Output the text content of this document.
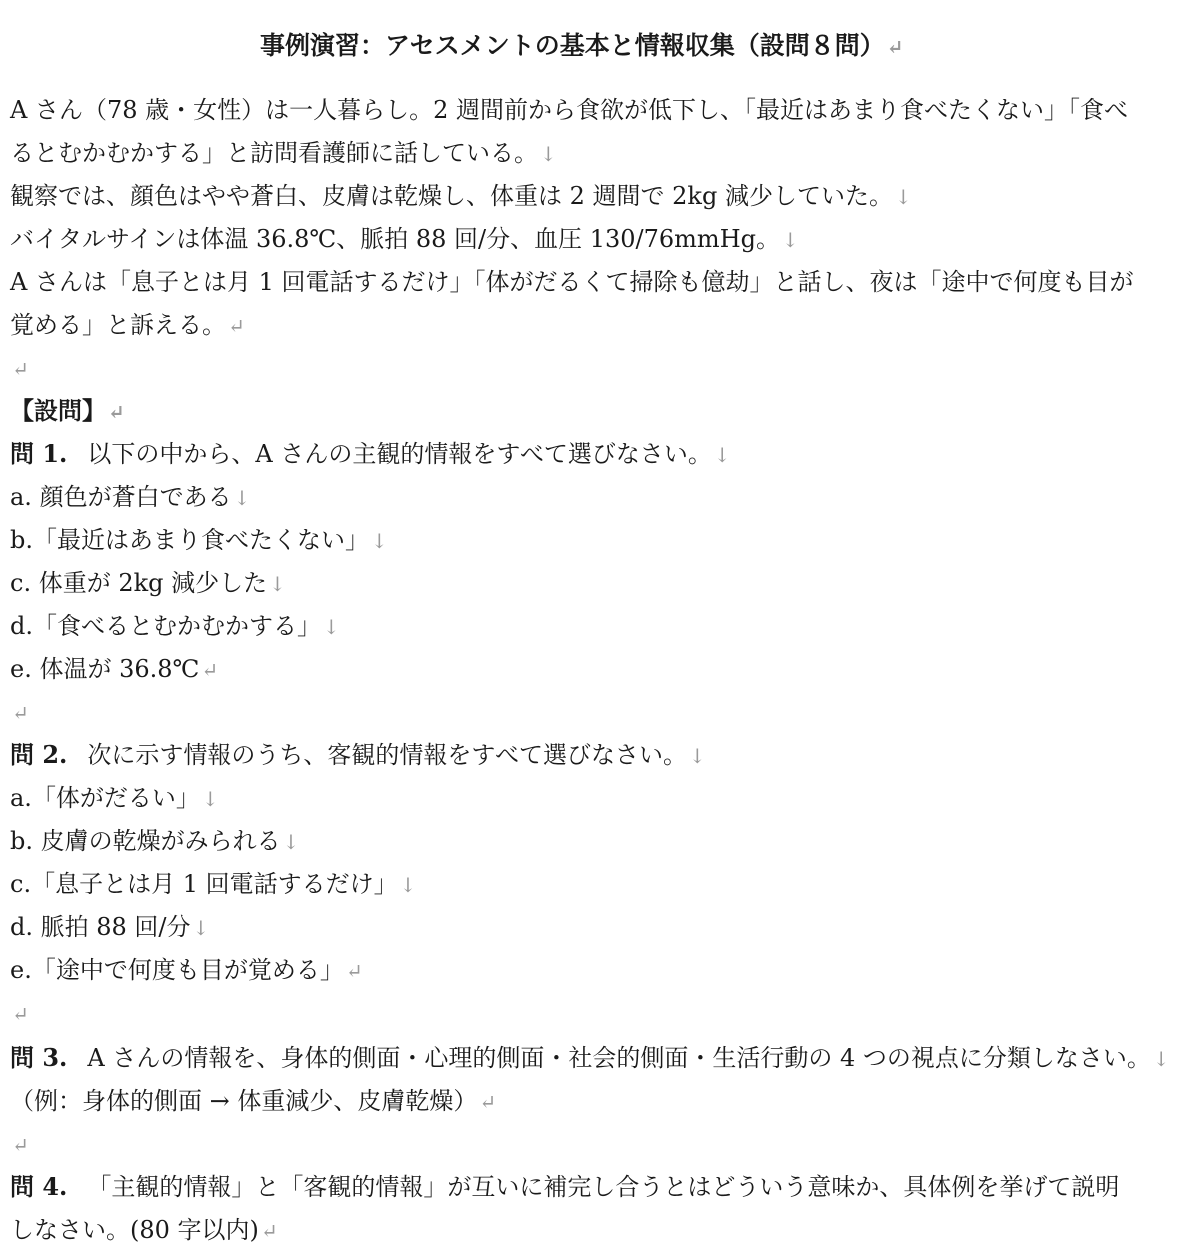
事例演習：アセスメントの基本と情報収集（設問８問） ↵
A さん（78 歳・女性）は一人暮らし。2 週間前から食欲が低下し、「最近はあまり食べたくない」「食べ
るとむかむかする」と訪問看護師に話している。 ↓
観察では、顔色はやや蒼白、皮膚は乾燥し、体重は 2 週間で 2kg 減少していた。 ↓
バイタルサインは体温 36.8℃、脈拍 88 回/分、血圧 130/76mmHg。 ↓
A さんは「息子とは月 1 回電話するだけ」「体がだるくて掃除も億劫」と話し、夜は「途中で何度も目が
覚める」と訴える。 ↵
↵
【設問】 ↵
問 1. 以下の中から、A さんの主観的情報をすべて選びなさい。 ↓
a. 顔色が蒼白である ↓
b.「最近はあまり食べたくない」 ↓
c. 体重が 2kg 減少した ↓
d.「食べるとむかむかする」 ↓
e. 体温が 36.8℃ ↵
↵
問 2. 次に示す情報のうち、客観的情報をすべて選びなさい。 ↓
a.「体がだるい」 ↓
b. 皮膚の乾燥がみられる ↓
c.「息子とは月 1 回電話するだけ」 ↓
d. 脈拍 88 回/分 ↓
e.「途中で何度も目が覚める」 ↵
↵
問 3. A さんの情報を、身体的側面・心理的側面・社会的側面・生活行動の 4 つの視点に分類しなさい。 ↓
（例：身体的側面 → 体重減少、皮膚乾燥） ↵
↵
問 4. 「主観的情報」と「客観的情報」が互いに補完し合うとはどういう意味か、具体例を挙げて説明
しなさい。(80 字以内) ↵
